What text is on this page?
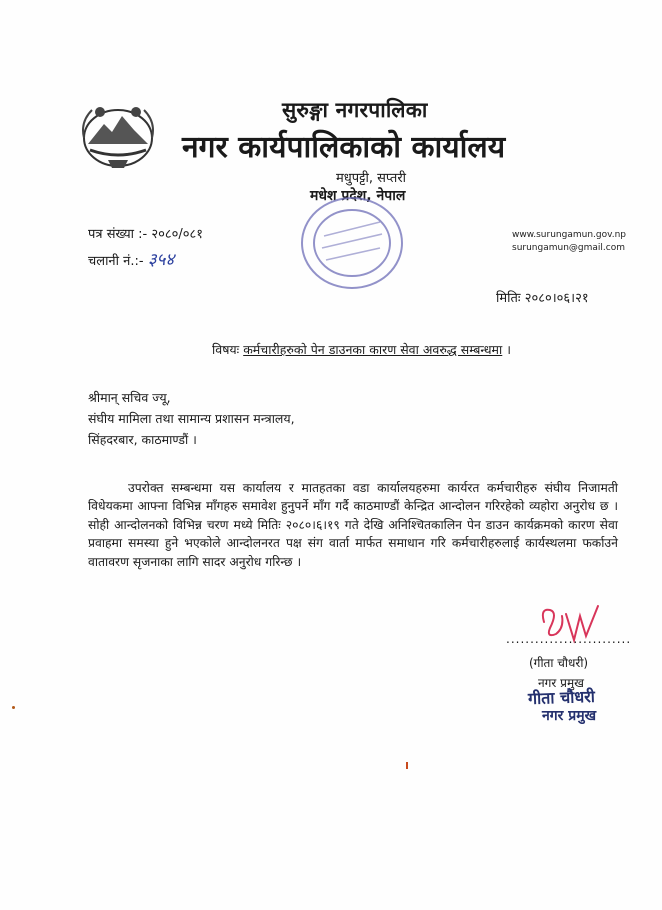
सुरुङ्गा नगरपालिका
नगर कार्यपालिकाको कार्यालय
मधुपट्टी, सप्तरी
मधेश प्रदेश, नेपाल
पत्र संख्या :- २०८०/०८१
चलानी नं.:- ३५४
www.surungamun.gov.np
surungamun@gmail.com
मितिः २०८०।०६।२१
विषयः कर्मचारीहरुको पेन डाउनका कारण सेवा अवरुद्ध सम्बन्धमा ।
श्रीमान् सचिव ज्यू,
संघीय मामिला तथा सामान्य प्रशासन मन्त्रालय,
सिंहदरबार, काठमाण्डौं ।
उपरोक्त सम्बन्धमा यस कार्यालय र मातहतका वडा कार्यालयहरुमा कार्यरत कर्मचारीहरु संघीय निजामती विधेयकमा आफ्ना विभिन्न माँगहरु समावेश हुनुपर्ने माँग गर्दै काठमाण्डौं केन्द्रित आन्दोलन गरिरहेको व्यहोरा अनुरोध छ । सोही आन्दोलनको विभिन्न चरण मध्ये मितिः २०८०।६।१९ गते देखि अनिश्चितकालिन पेन डाउन कार्यक्रमको कारण सेवा प्रवाहमा समस्या हुने भएकोले आन्दोलनरत पक्ष संग वार्ता मार्फत समाधान गरि कर्मचारीहरुलाई कार्यस्थलमा फर्काउने वातावरण सृजनाका लागि सादर अनुरोध गरिन्छ ।
..........................
(गीता चौधरी)
नगर प्रमुख
गीता चौधरी
नगर प्रमुख
